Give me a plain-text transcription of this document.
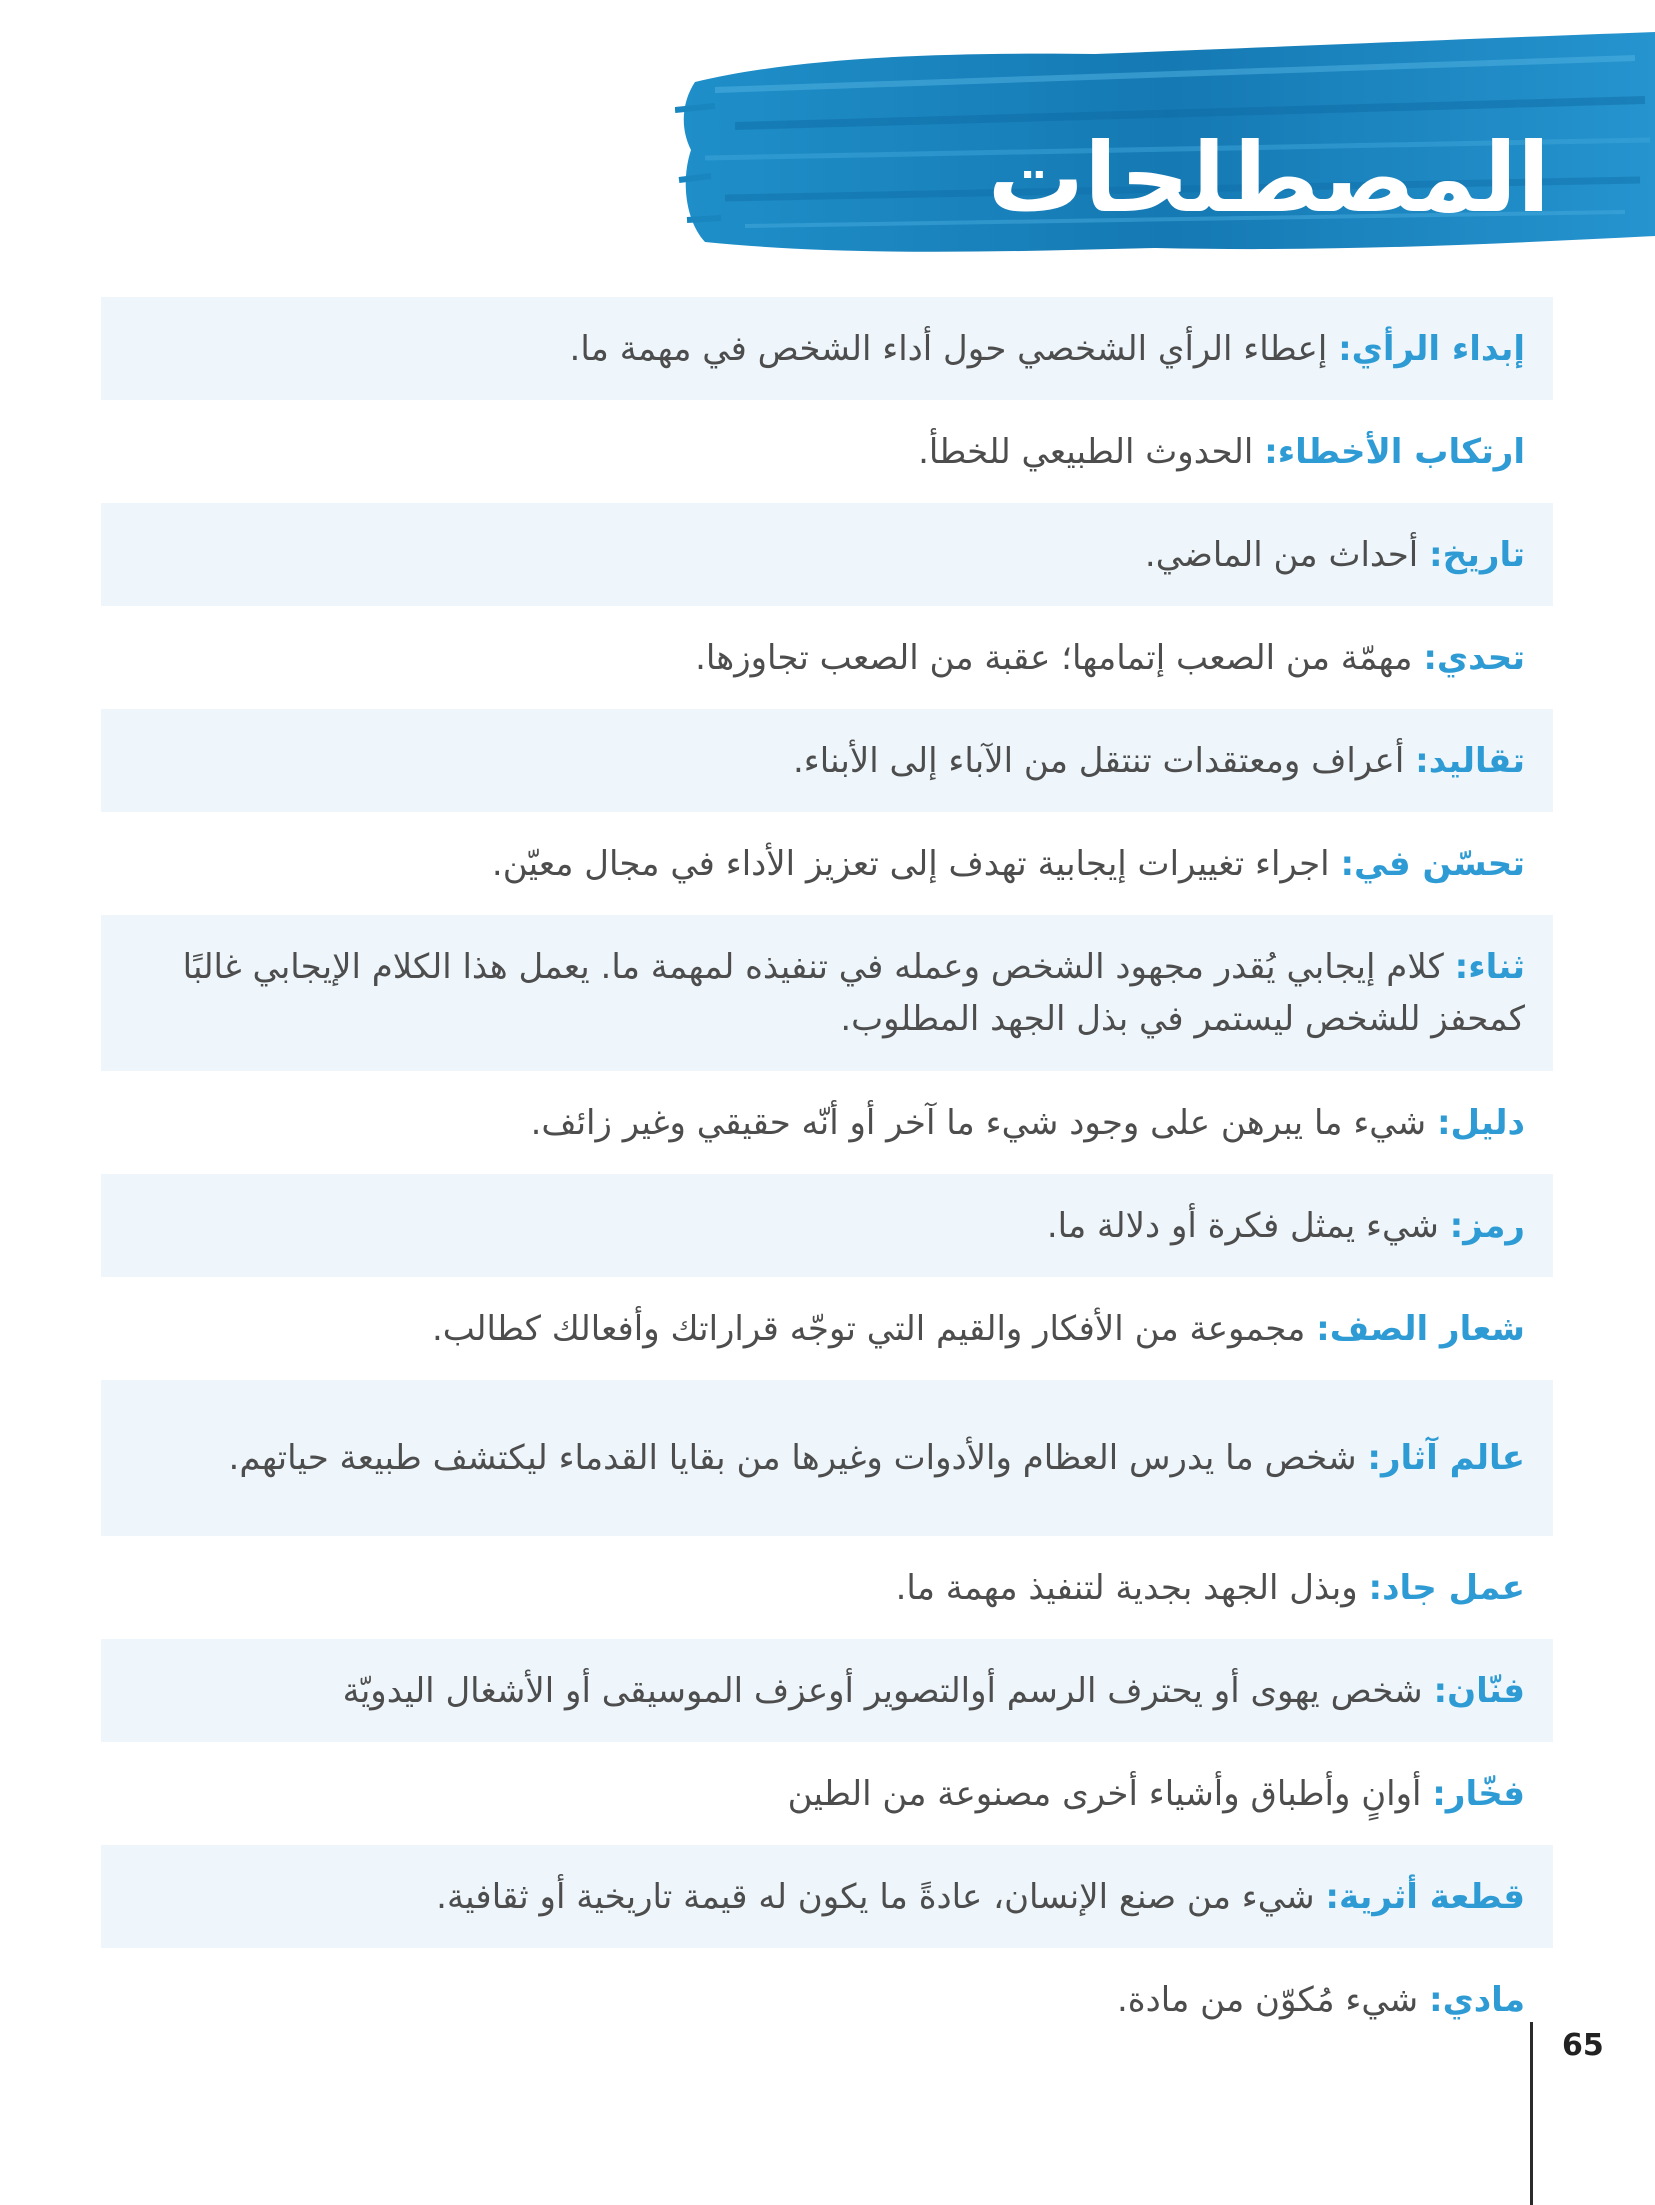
المصطلحات
إبداء الرأي: إعطاء الرأي الشخصي حول أداء الشخص في مهمة ما.
ارتكاب الأخطاء: الحدوث الطبيعي للخطأ.
تاريخ: أحداث من الماضي.
تحدي: مهمّة من الصعب إتمامها؛ عقبة من الصعب تجاوزها.
تقاليد: أعراف ومعتقدات تنتقل من الآباء إلى الأبناء.
تحسّن في: اجراء تغييرات إيجابية تهدف إلى تعزيز الأداء في مجال معيّن.
ثناء: كلام إيجابي يُقدر مجهود الشخص وعمله في تنفيذه لمهمة ما. يعمل هذا الكلام الإيجابي غالبًا كمحفز للشخص ليستمر في بذل الجهد المطلوب.
دليل: شيء ما يبرهن على وجود شيء ما آخر أو أنّه حقيقي وغير زائف.
رمز: شيء يمثل فكرة أو دلالة ما.
شعار الصف: مجموعة من الأفكار والقيم التي توجّه قراراتك وأفعالك كطالب.
عالم آثار: شخص ما يدرس العظام والأدوات وغيرها من بقايا القدماء ليكتشف طبيعة حياتهم.
عمل جاد: وبذل الجهد بجدية لتنفيذ مهمة ما.
فنّان: شخص يهوى أو يحترف الرسم أوالتصوير أوعزف الموسيقى أو الأشغال اليدويّة
فخّار: أوانٍ وأطباق وأشياء أخرى مصنوعة من الطين
قطعة أثرية: شيء من صنع الإنسان، عادةً ما يكون له قيمة تاريخية أو ثقافية.
مادي: شيء مُكوّن من مادة.
65
